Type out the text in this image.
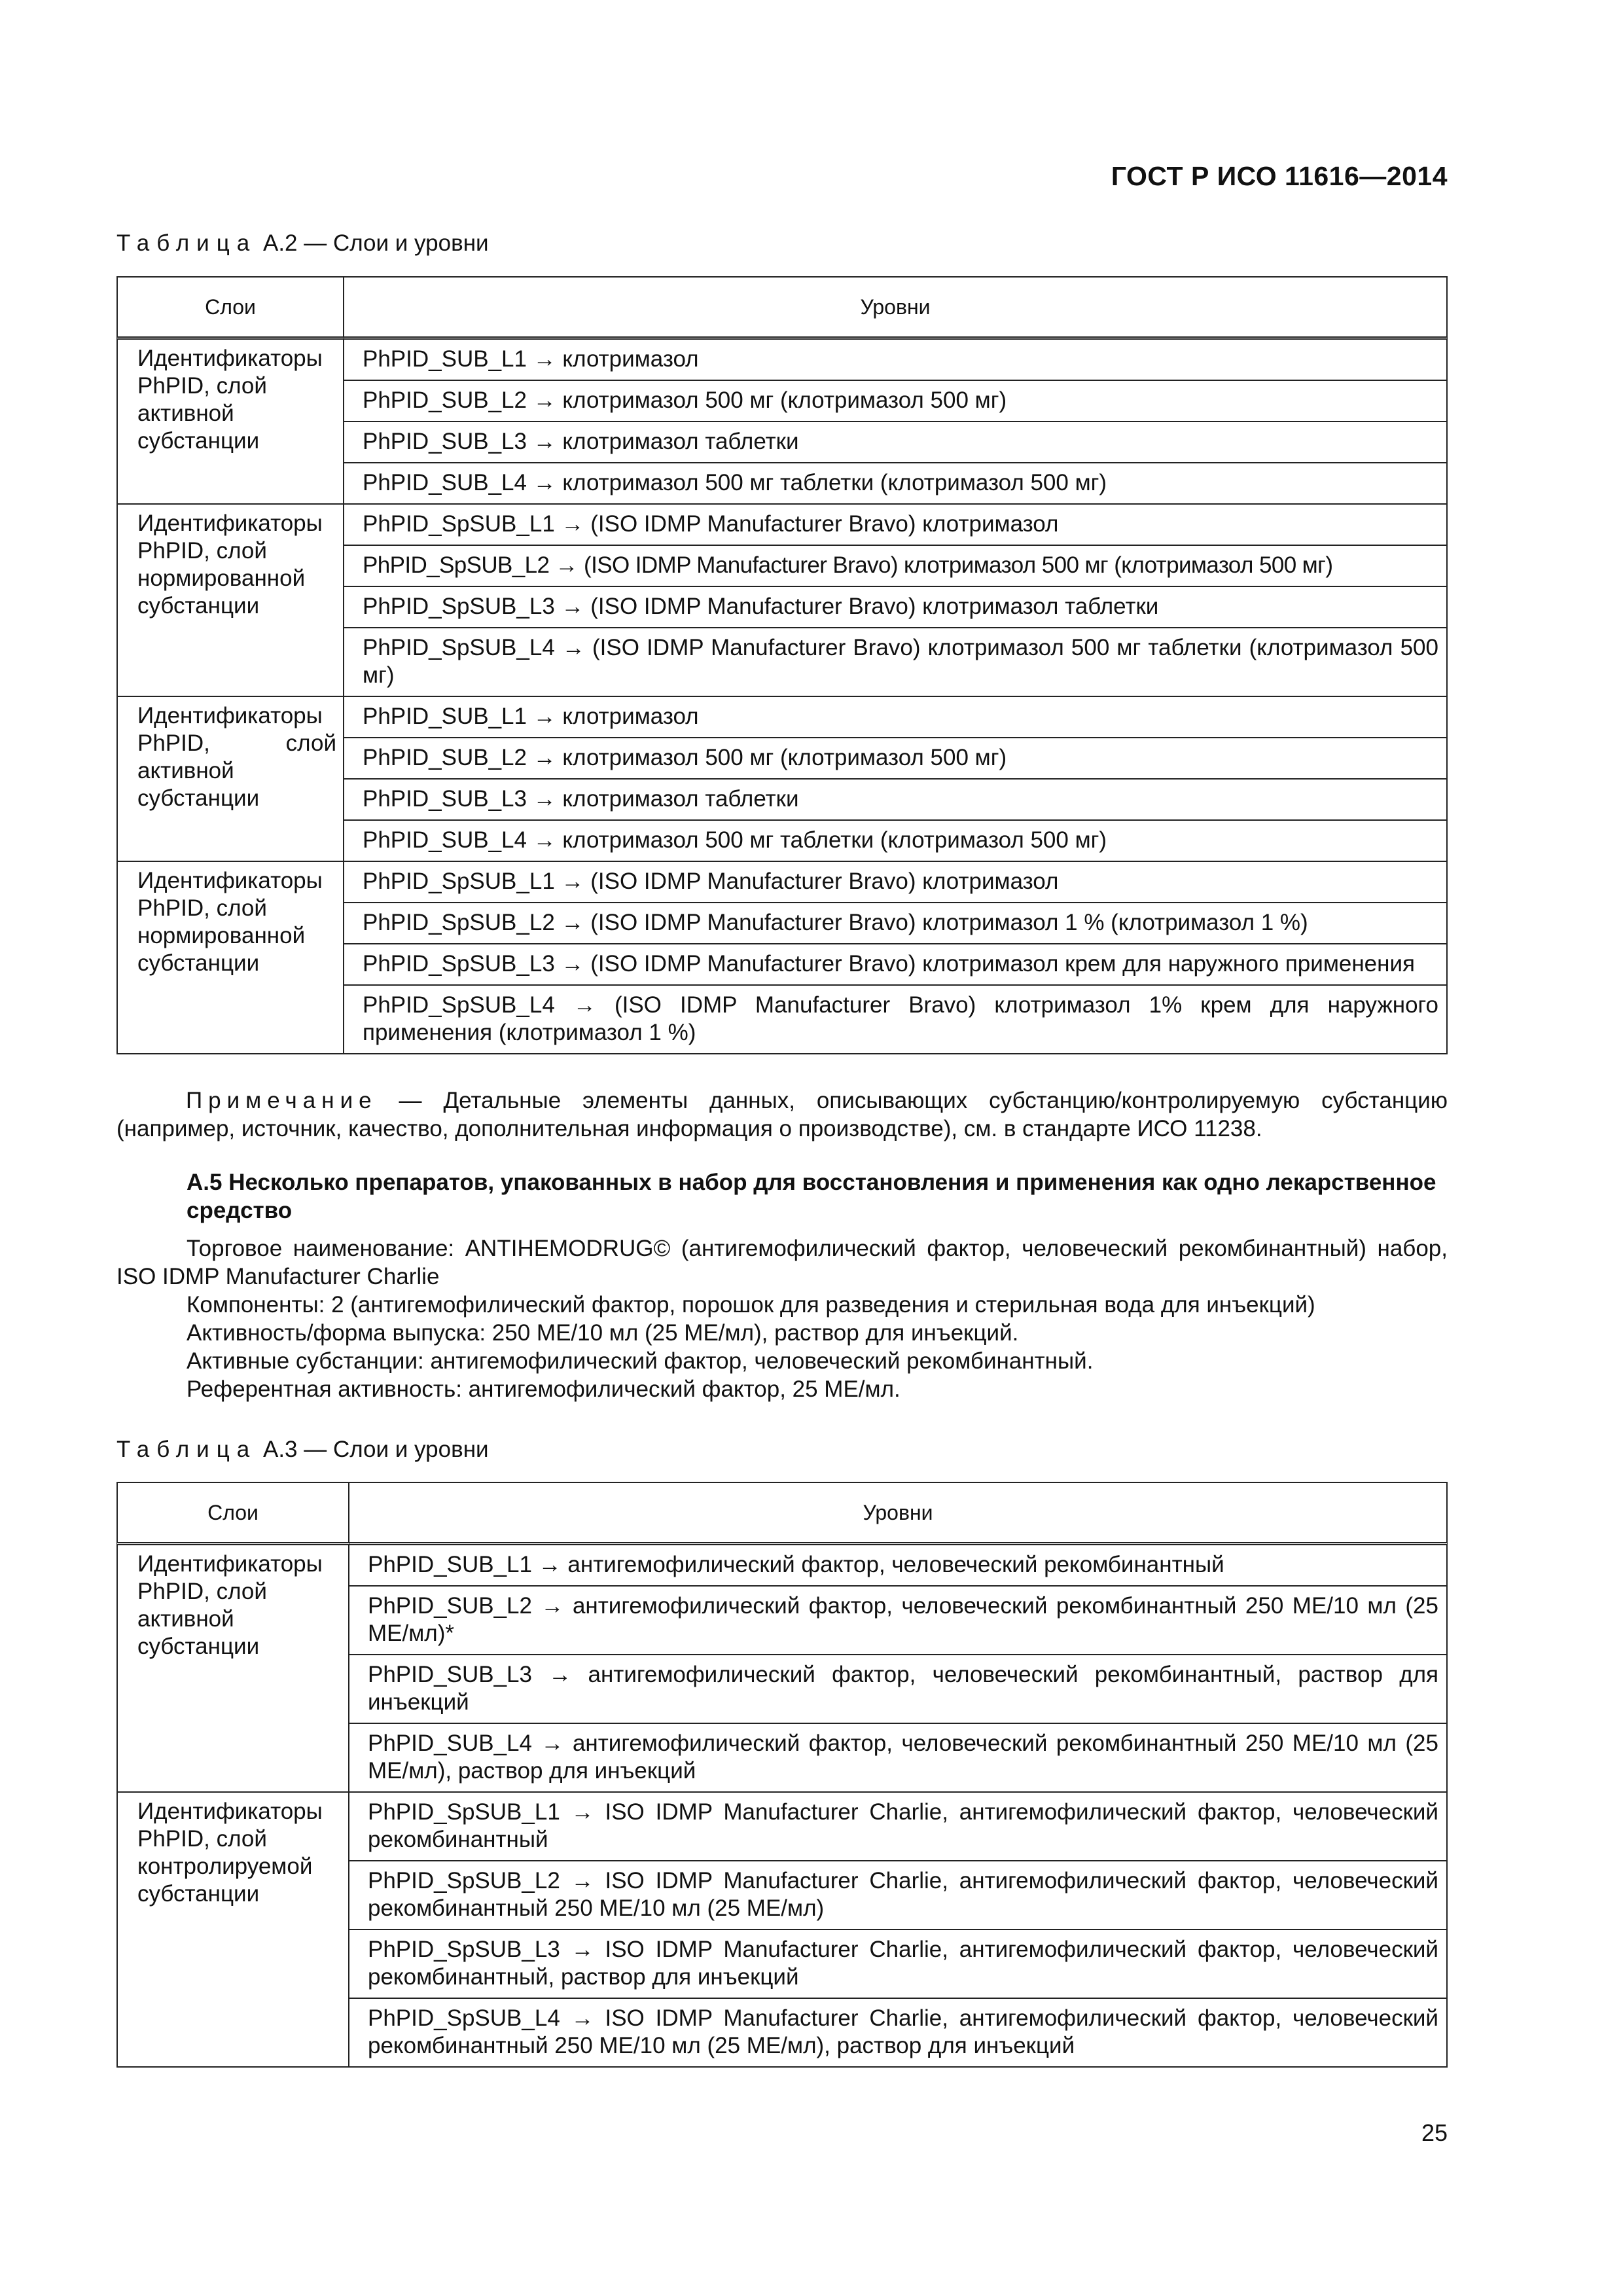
ГОСТ Р ИСО 11616—2014
Таблица А.2 — Слои и уровни
Слои	Уровни
Идентификаторы PhPID, слой активной субстанции	PhPID_SUB_L1 → клотримазол
	PhPID_SUB_L2 → клотримазол 500 мг (клотримазол 500 мг)
	PhPID_SUB_L3 → клотримазол таблетки
	PhPID_SUB_L4 → клотримазол 500 мг таблетки (клотримазол 500 мг)
Идентификаторы PhPID, слой нормированной субстанции	PhPID_SpSUB_L1 → (ISO IDMP Manufacturer Bravo) клотримазол
	PhPID_SpSUB_L2 → (ISO IDMP Manufacturer Bravo) клотримазол 500 мг (клотримазол 500 мг)
	PhPID_SpSUB_L3 → (ISO IDMP Manufacturer Bravo) клотримазол таблетки
	PhPID_SpSUB_L4 → (ISO IDMP Manufacturer Bravo) клотримазол 500 мг таблетки (клотримазол 500 мг)
Идентификаторы PhPID, слой активной субстанции	PhPID_SUB_L1 → клотримазол
	PhPID_SUB_L2 → клотримазол 500 мг (клотримазол 500 мг)
	PhPID_SUB_L3 → клотримазол таблетки
	PhPID_SUB_L4 → клотримазол 500 мг таблетки (клотримазол 500 мг)
Идентификаторы PhPID, слой нормированной субстанции	PhPID_SpSUB_L1 → (ISO IDMP Manufacturer Bravo) клотримазол
	PhPID_SpSUB_L2 → (ISO IDMP Manufacturer Bravo) клотримазол 1 % (клотримазол 1 %)
	PhPID_SpSUB_L3 → (ISO IDMP Manufacturer Bravo) клотримазол крем для наружного применения
	PhPID_SpSUB_L4 → (ISO IDMP Manufacturer Bravo) клотримазол 1% крем для наружного применения (клотримазол 1 %)
Примечание — Детальные элементы данных, описывающих субстанцию/контролируемую субстанцию (например, источник, качество, дополнительная информация о производстве), см. в стандарте ИСО 11238.
А.5 Несколько препаратов, упакованных в набор для восстановления и применения как одно лекарственное средство
Торговое наименование: ANTIHEMODRUG© (антигемофилический фактор, человеческий рекомбинантный) набор, ISO IDMP Manufacturer Charlie
Компоненты: 2 (антигемофилический фактор, порошок для разведения и стерильная вода для инъекций)
Активность/форма выпуска: 250 МЕ/10 мл (25 МЕ/мл), раствор для инъекций.
Активные субстанции: антигемофилический фактор, человеческий рекомбинантный.
Референтная активность: антигемофилический фактор, 25 МЕ/мл.
Таблица А.3 — Слои и уровни
Слои	Уровни
Идентификаторы PhPID, слой активной субстанции	PhPID_SUB_L1 → антигемофилический фактор, человеческий рекомбинантный
	PhPID_SUB_L2 → антигемофилический фактор, человеческий рекомбинантный 250 МЕ/10 мл (25 МЕ/мл)*
	PhPID_SUB_L3 → антигемофилический фактор, человеческий рекомбинантный, раствор для инъекций
	PhPID_SUB_L4 → антигемофилический фактор, человеческий рекомбинантный 250 МЕ/10 мл (25 МЕ/мл), раствор для инъекций
Идентификаторы PhPID, слой контролируемой субстанции	PhPID_SpSUB_L1 → ISO IDMP Manufacturer Charlie, антигемофилический фактор, человеческий рекомбинантный
	PhPID_SpSUB_L2 → ISO IDMP Manufacturer Charlie, антигемофилический фактор, человеческий рекомбинантный 250 МЕ/10 мл (25 МЕ/мл)
	PhPID_SpSUB_L3 → ISO IDMP Manufacturer Charlie, антигемофилический фактор, человеческий рекомбинантный, раствор для инъекций
	PhPID_SpSUB_L4 → ISO IDMP Manufacturer Charlie, антигемофилический фактор, человеческий рекомбинантный 250 МЕ/10 мл (25 МЕ/мл), раствор для инъекций
25
